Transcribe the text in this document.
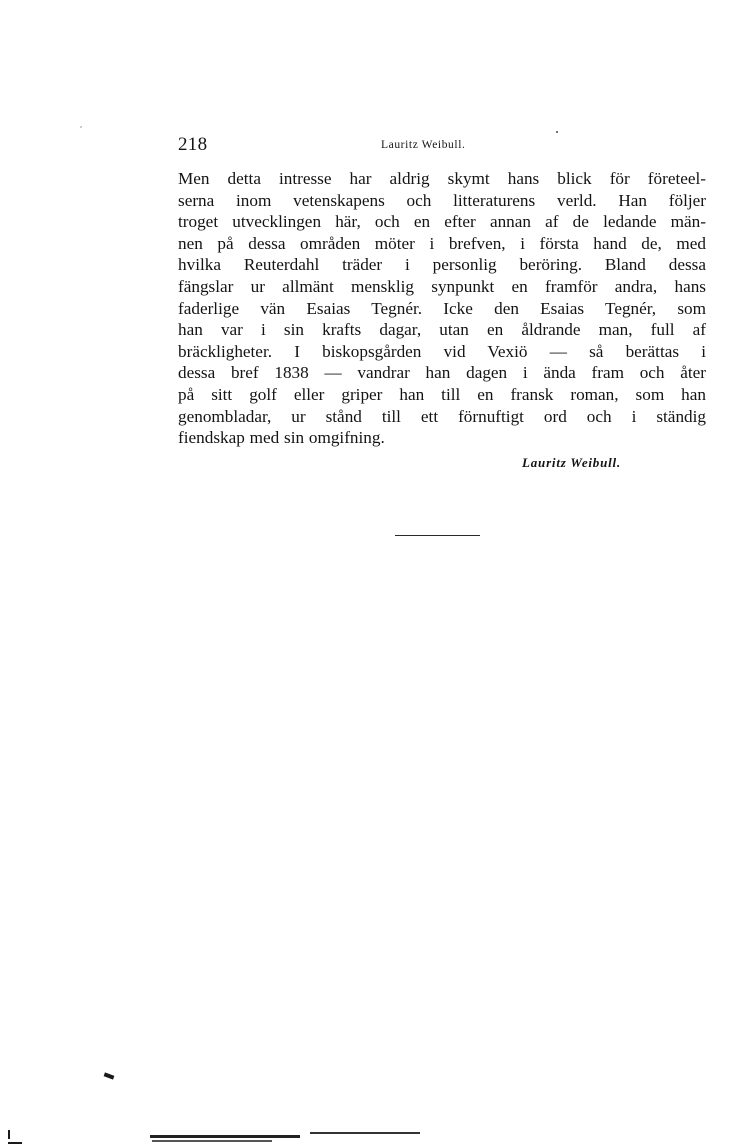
218	Lauritz Weibull.
Men detta intresse har aldrig skymt hans blick för företeel-
serna inom vetenskapens och litteraturens verld. Han följer
troget utvecklingen här, och en efter annan af de ledande män-
nen på dessa områden möter i brefven, i första hand de, med
hvilka Reuterdahl träder i personlig beröring. Bland dessa
fängslar ur allmänt mensklig synpunkt en framför andra, hans
faderlige vän Esaias Tegnér. Icke den Esaias Tegnér, som
han var i sin krafts dagar, utan en åldrande man, full af
bräckligheter. I biskopsgården vid Vexiö — så berättas i
dessa bref 1838 — vandrar han dagen i ända fram och åter
på sitt golf eller griper han till en fransk roman, som han
genombladar, ur stånd till ett förnuftigt ord och i ständig
fiendskap med sin omgifning.
Lauritz Weibull.
